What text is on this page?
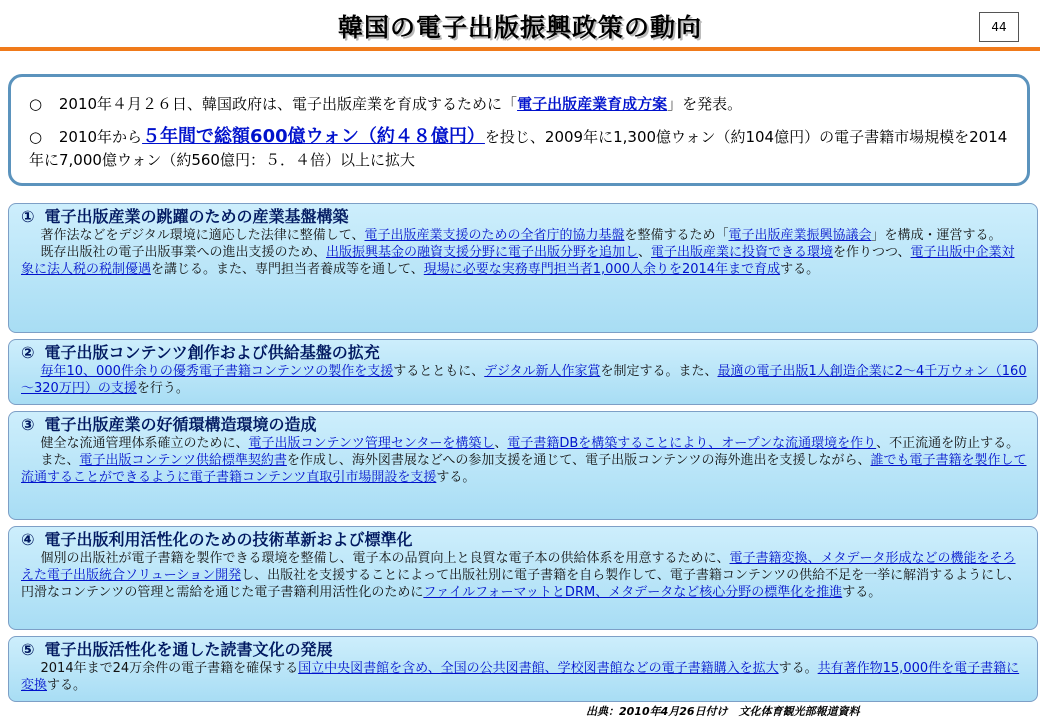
韓国の電子出版振興政策の動向	44

○ 2010年４月２６日、韓国政府は、電子出版産業を育成するために「電子出版産業育成方案」を発表。

○ 2010年から５年間で総額600億ウォン（約４８億円）を投じ、2009年に1,300億ウォン（約104億円）の電子書籍市場規模を2014年に7,000億ウォン（約560億円：５．４倍）以上に拡大

① 電子出版産業の跳躍のための産業基盤構築

著作法などをデジタル環境に適応した法律に整備して、電子出版産業支援のための全省庁的協力基盤を整備するため「電子出版産業振興協議会」を構成・運営する。

既存出版社の電子出版事業への進出支援のため、出版振興基金の融資支援分野に電子出版分野を追加し、電子出版産業に投資できる環境を作りつつ、電子出版中企業対象に法人税の税制優遇を講じる。また、専門担当者養成等を通して、現場に必要な実務専門担当者1,000人余りを2014年まで育成する。

② 電子出版コンテンツ創作および供給基盤の拡充

毎年10、000件余りの優秀電子書籍コンテンツの製作を支援するとともに、デジタル新人作家賞を制定する。また、最適の電子出版1人創造企業に2～4千万ウォン（160～320万円）の支援を行う。

③ 電子出版産業の好循環構造環境の造成

健全な流通管理体系確立のために、電子出版コンテンツ管理センターを構築し、電子書籍DBを構築することにより、オープンな流通環境を作り、不正流通を防止する。

また、電子出版コンテンツ供給標準契約書を作成し、海外図書展などへの参加支援を通じて、電子出版コンテンツの海外進出を支援しながら、誰でも電子書籍を製作して流通することができるように電子書籍コンテンツ直取引市場開設を支援する。

④ 電子出版利用活性化のための技術革新および標準化

個別の出版社が電子書籍を製作できる環境を整備し、電子本の品質向上と良質な電子本の供給体系を用意するために、電子書籍変換、メタデータ形成などの機能をそろえた電子出版統合ソリューション開発し、出版社を支援することによって出版社別に電子書籍を自ら製作して、電子書籍コンテンツの供給不足を一挙に解消するようにし、円滑なコンテンツの管理と需給を通じた電子書籍利用活性化のためにファイルフォーマットとDRM、メタデータなど核心分野の標準化を推進する。

⑤ 電子出版活性化を通した読書文化の発展

2014年まで24万余件の電子書籍を確保する国立中央図書館を含め、全国の公共図書館、学校図書館などの電子書籍購入を拡大する。共有著作物15,000件を電子書籍に変換する。

出典：2010年4月26日付け　文化体育観光部報道資料
